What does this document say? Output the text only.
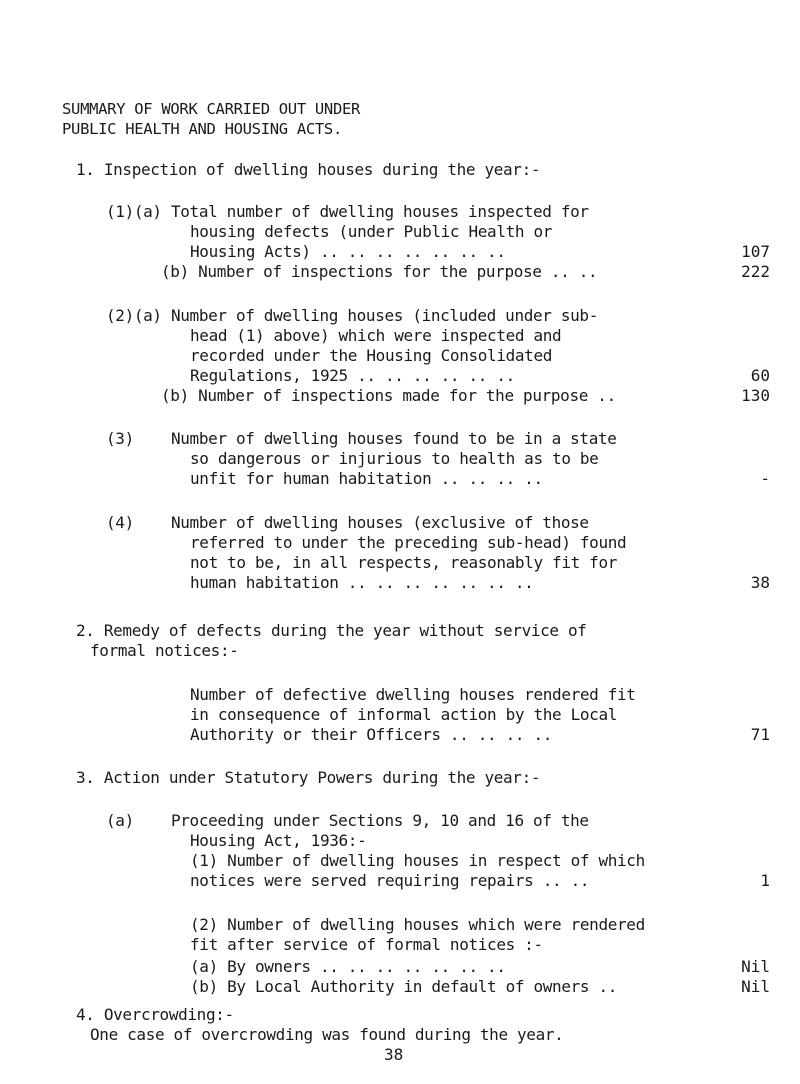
SUMMARY OF WORK CARRIED OUT UNDER
PUBLIC HEALTH AND HOUSING ACTS.
1. Inspection of dwelling houses during the year:-
(1)(a) Total number of dwelling houses inspected for
housing defects (under Public Health or
Housing Acts) .. .. .. .. .. .. ..	107
(b) Number of inspections for the purpose .. ..	222
(2)(a) Number of dwelling houses (included under sub-
head (1) above) which were inspected and
recorded under the Housing Consolidated
Regulations, 1925 .. .. .. .. .. ..	60
(b) Number of inspections made for the purpose ..	130
(3)    Number of dwelling houses found to be in a state
so dangerous or injurious to health as to be
unfit for human habitation .. .. .. ..	-
(4)    Number of dwelling houses (exclusive of those
referred to under the preceding sub-head) found
not to be, in all respects, reasonably fit for
human habitation .. .. .. .. .. .. ..	38
2. Remedy of defects during the year without service of
formal notices:-
Number of defective dwelling houses rendered fit
in consequence of informal action by the Local
Authority or their Officers .. .. .. ..	71
3. Action under Statutory Powers during the year:-
(a)    Proceeding under Sections 9, 10 and 16 of the
Housing Act, 1936:-
(1) Number of dwelling houses in respect of which
notices were served requiring repairs .. ..	1
(2) Number of dwelling houses which were rendered
fit after service of formal notices :-
(a) By owners .. .. .. .. .. .. ..	Nil
(b) By Local Authority in default of owners ..	Nil
4. Overcrowding:-
One case of overcrowding was found during the year.
38
